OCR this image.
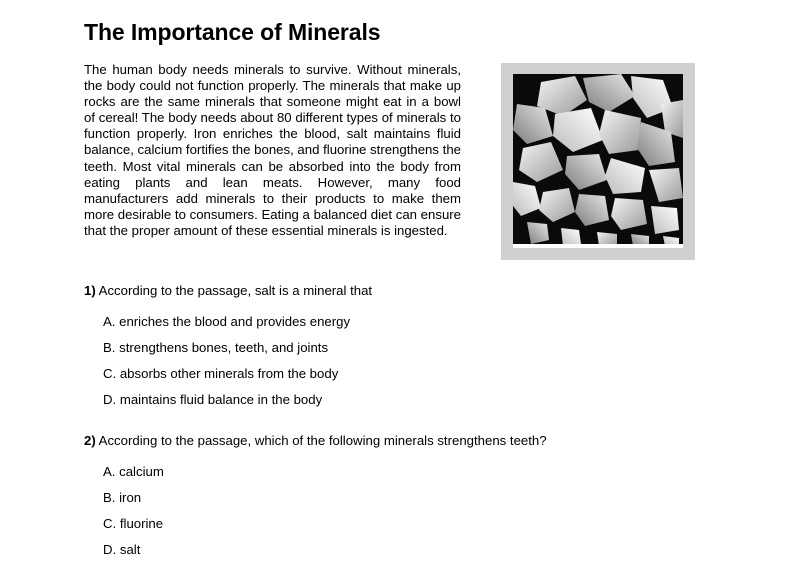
The Importance of Minerals

The human body needs minerals to survive. Without minerals, the body could not function properly. The minerals that make up rocks are the same minerals that someone might eat in a bowl of cereal! The body needs about 80 different types of minerals to function properly. Iron enriches the blood, salt maintains fluid balance, calcium fortifies the bones, and fluorine strengthens the teeth. Most vital minerals can be absorbed into the body from eating plants and lean meats. However, many food manufacturers add minerals to their products to make them more desirable to consumers. Eating a balanced diet can ensure that the proper amount of these essential minerals is ingested.

1) According to the passage, salt is a mineral that

A. enriches the blood and provides energy
B. strengthens bones, teeth, and joints
C. absorbs other minerals from the body
D. maintains fluid balance in the body

2) According to the passage, which of the following minerals strengthens teeth?

A. calcium
B. iron
C. fluorine
D. salt
